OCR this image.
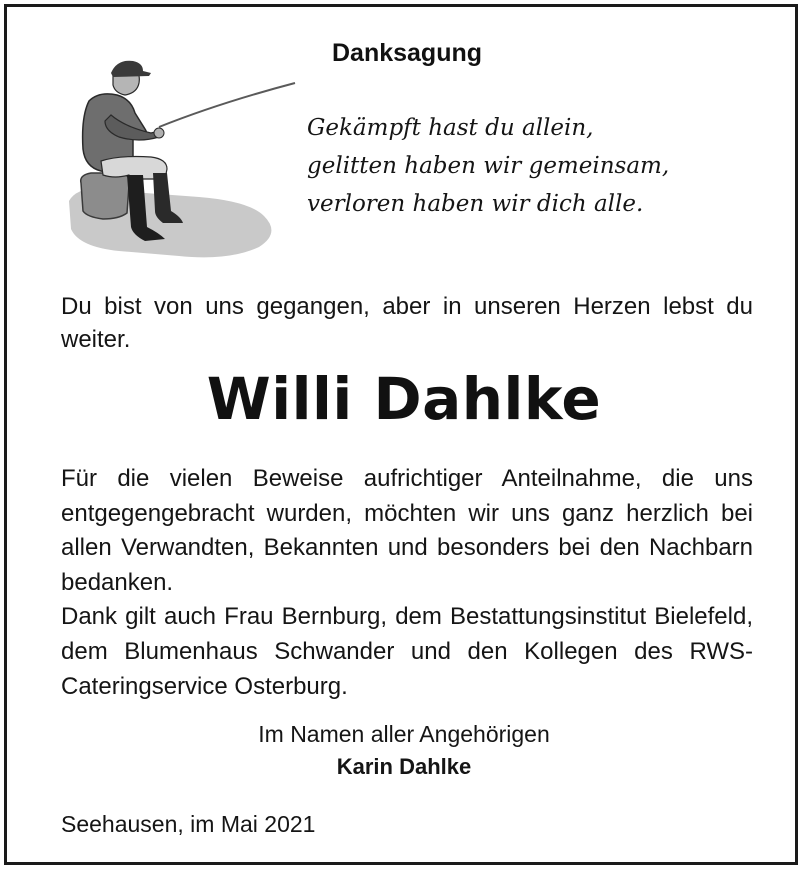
Danksagung
Gekämpft hast du allein,
gelitten haben wir gemeinsam,
verloren haben wir dich alle.
Du bist von uns gegangen, aber in unseren Herzen lebst du weiter.
Willi Dahlke

Für die vielen Beweise aufrichtiger Anteilnahme, die uns entgegengebracht wurden, möchten wir uns ganz herzlich bei allen Verwandten, Bekannten und besonders bei den Nachbarn bedanken.

Dank gilt auch Frau Bernburg, dem Bestattungsinstitut Bielefeld, dem Blumenhaus Schwander und den Kollegen des RWS-Cateringservice Osterburg.

Im Namen aller Angehörigen
Karin Dahlke
Seehausen, im Mai 2021
